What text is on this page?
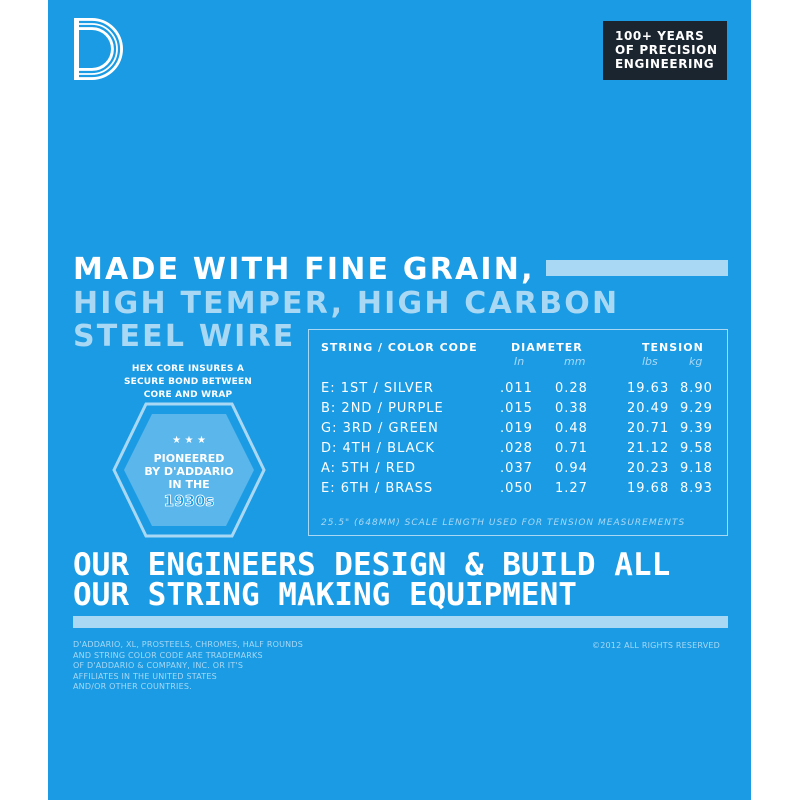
100+ YEARS
OF PRECISION
ENGINEERING
MADE WITH FINE GRAIN,
HIGH TEMPER, HIGH CARBON
STEEL WIRE
HEX CORE INSURES A
SECURE BOND BETWEEN
CORE AND WRAP
★ ★ ★
PIONEERED
BY D'ADDARIO
IN THE
1930s
STRING / COLOR CODE	DIAMETER	TENSION
In	mm	lbs	kg
E: 1ST / SILVER	.011 0.28	19.63 8.90
B: 2ND / PURPLE	.015 0.38	20.49 9.29
G: 3RD / GREEN	.019 0.48	20.71 9.39
D: 4TH / BLACK	.028 0.71	21.12 9.58
A: 5TH / RED	.037 0.94	20.23 9.18
E: 6TH / BRASS	.050 1.27	19.68 8.93
25.5" (648MM) SCALE LENGTH USED FOR TENSION MEASUREMENTS
OUR ENGINEERS DESIGN & BUILD ALL
OUR STRING MAKING EQUIPMENT
D'ADDARIO, XL, PROSTEELS, CHROMES, HALF ROUNDS
AND STRING COLOR CODE ARE TRADEMARKS
OF D'ADDARIO & COMPANY, INC. OR IT'S
AFFILIATES IN THE UNITED STATES
AND/OR OTHER COUNTRIES.
©2012 ALL RIGHTS RESERVED
